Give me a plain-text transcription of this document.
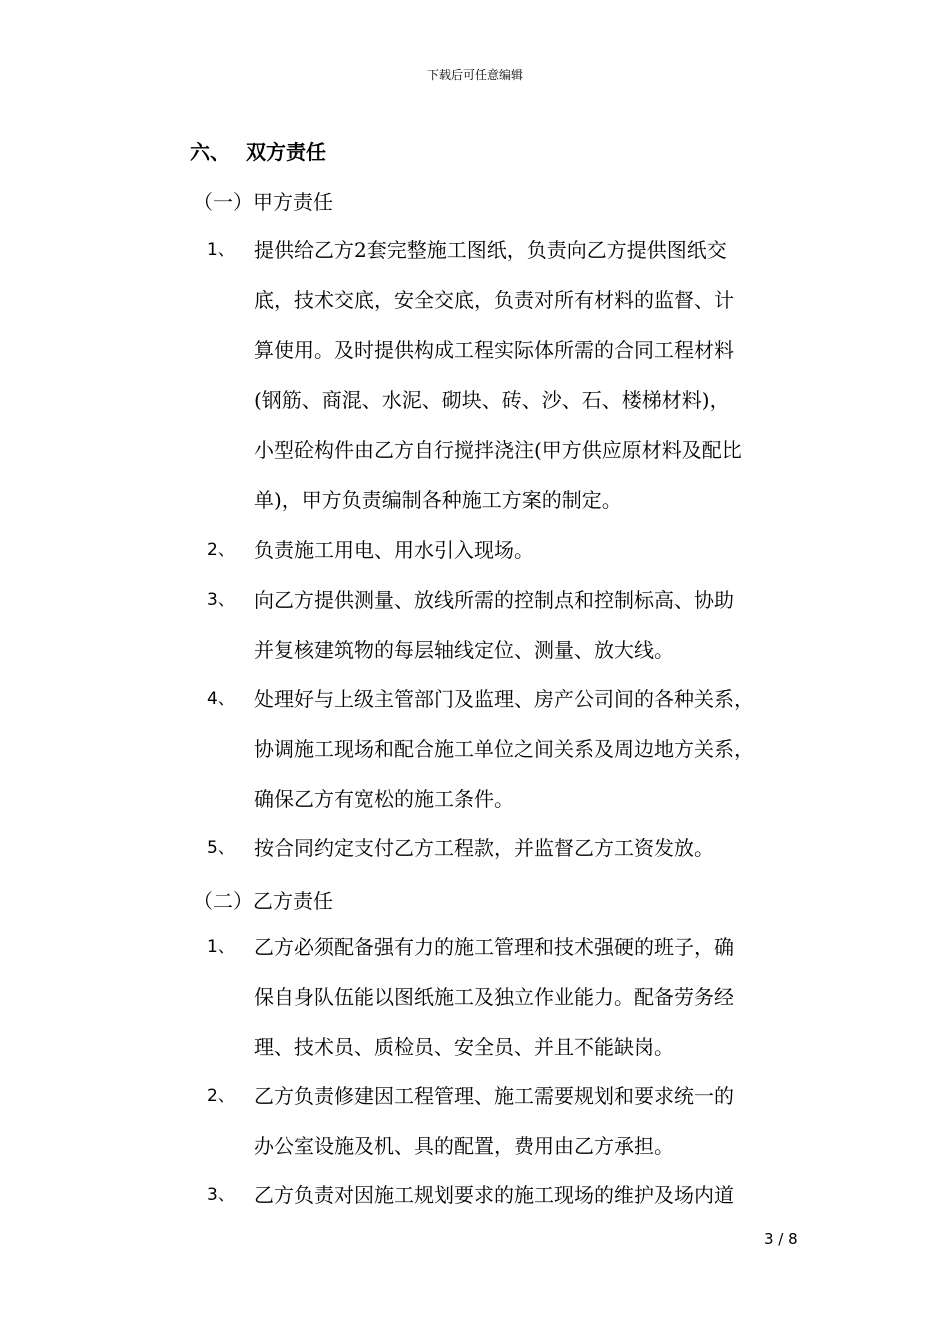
下载后可任意编辑
六、 双方责任
（一）甲方责任
1、 提供给乙方2套完整施工图纸，负责向乙方提供图纸交
底，技术交底，安全交底，负责对所有材料的监督、计
算使用。及时提供构成工程实际体所需的合同工程材料
(钢筋、商混、水泥、砌块、砖、沙、石、楼梯材料)，
小型砼构件由乙方自行搅拌浇注(甲方供应原材料及配比
单)，甲方负责编制各种施工方案的制定。
2、 负责施工用电、用水引入现场。
3、 向乙方提供测量、放线所需的控制点和控制标高、协助
并复核建筑物的每层轴线定位、测量、放大线。
4、 处理好与上级主管部门及监理、房产公司间的各种关系，
协调施工现场和配合施工单位之间关系及周边地方关系，
确保乙方有宽松的施工条件。
5、 按合同约定支付乙方工程款，并监督乙方工资发放。
（二）乙方责任
1、 乙方必须配备强有力的施工管理和技术强硬的班子，确
保自身队伍能以图纸施工及独立作业能力。配备劳务经
理、技术员、质检员、安全员、并且不能缺岗。
2、 乙方负责修建因工程管理、施工需要规划和要求统一的
办公室设施及机、具的配置，费用由乙方承担。
3、 乙方负责对因施工规划要求的施工现场的维护及场内道
3 / 8
